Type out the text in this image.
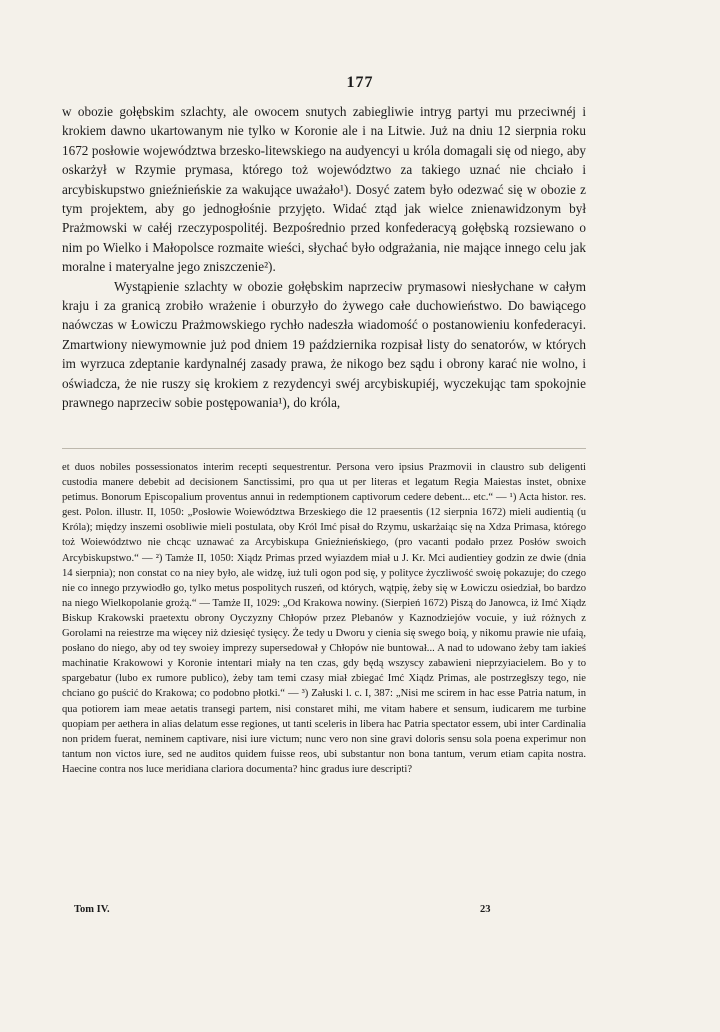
177

w obozie gołębskim szlachty, ale owocem snutych zabiegliwie intryg partyi mu przeciwnéj i krokiem dawno ukartowanym nie tylko w Koronie ale i na Litwie. Już na dniu 12 sierpnia roku 1672 posłowie województwa brzesko-litewskiego na audyencyi u króla domagali się od niego, aby oskarżył w Rzymie prymasa, którego toż województwo za takiego uznać nie chciało i arcybiskupstwo gnieźnieńskie za wakujące uważało¹). Dosyć zatem było odezwać się w obozie z tym projektem, aby go jednogłośnie przyjęto. Widać ztąd jak wielce znienawidzonym był Prażmowski w całéj rzeczypospolitéj. Bezpośrednio przed konfederacyą gołębską rozsiewano o nim po Wielko i Małopolsce rozmaite wieści, słychać było odgrażania, nie mające innego celu jak moralne i materyalne jego zniszczenie²).

Wystąpienie szlachty w obozie gołębskim naprzeciw prymasowi niesłychane w całym kraju i za granicą zrobiło wrażenie i oburzyło do żywego całe duchowieństwo. Do bawiącego naówczas w Łowiczu Prażmowskiego rychło nadeszła wiadomość o postanowieniu konfederacyi. Zmartwiony niewymownie już pod dniem 19 października rozpisał listy do senatorów, w których im wyrzuca zdeptanie kardynalnéj zasady prawa, że nikogo bez sądu i obrony karać nie wolno, i oświadcza, że nie ruszy się krokiem z rezydencyi swéj arcybiskupiéj, wyczekując tam spokojnie prawnego naprzeciw sobie postępowania¹), do króla,

et duos nobiles possessionatos interim recepti sequestrentur. Persona vero ipsius Prazmovii in claustro sub deligenti custodia manere debebit ad decisionem Sanctissimi, pro qua ut per literas et legatum Regia Maiestas instet, obnixe petimus. Bonorum Episcopalium proventus annui in redemptionem captivorum cedere debent... etc.“ — ¹) Acta histor. res. gest. Polon. illustr. II, 1050: „Posłowie Woiewództwa Brzeskiego die 12 praesentis (12 sierpnia 1672) mieli audientią (u Króla); między inszemi osobliwie mieli postulata, oby Król Imć pisał do Rzymu, uskarżaiąc się na Xdza Primasa, którego toż Woiewództwo nie chcąc uznawać za Arcybiskupa Gnieźnieńskiego, (pro vacanti podało przez Posłów swoich Arcybiskupstwo.“ — ²) Tamże II, 1050: Xiądz Primas przed wyiazdem miał u J. Kr. Mci audientiey godzin ze dwie (dnia 14 sierpnia); non constat co na niey było, ale widzę, iuż tuli ogon pod się, y polityce życzliwość swoię pokazuje; do czego nie co innego przywiodło go, tylko metus pospolitych ruszeń, od których, wątpię, żeby się w Łowiczu osiedział, bo bardzo na niego Wielkopolanie grożą.“ — Tamże II, 1029: „Od Krakowa nowiny. (Sierpień 1672) Piszą do Janowca, iż Imć Xiądz Biskup Krakowski praetextu obrony Oyczyzny Chłopów przez Plebanów y Kaznodziejów vocuie, y iuż różnych z Gorolami na reiestrze ma więcey niż dziesięć tysięcy. Że tedy u Dworu y cienia się swego boią, y nikomu prawie nie ufaią, posłano do niego, aby od tey swoiey imprezy supersedował y Chłopów nie buntował... A nad to udowano żeby tam iakieś machinatie Krakowowi y Koronie intentari miały na ten czas, gdy będą wszyscy zabawieni nieprzyiacielem. Bo y to spargebatur (lubo ex rumore publico), żeby tam temi czasy miał zbiegać Imć Xiądz Primas, ale postrzegłszy tego, nie chciano go puścić do Krakowa; co podobno płotki.“ — ³) Załuski l. c. I, 387: „Nisi me scirem in hac esse Patria natum, in qua potiorem iam meae aetatis transegi partem, nisi constaret mihi, me vitam habere et sensum, iudicarem me turbine quopiam per aethera in alias delatum esse regiones, ut tanti sceleris in libera hac Patria spectator essem, ubi inter Cardinalia non pridem fuerat, neminem captivare, nisi iure victum; nunc vero non sine gravi doloris sensu sola poena experimur non tantum non victos iure, sed ne auditos quidem fuisse reos, ubi substantur non bona tantum, verum etiam capita nostra. Haecine contra nos luce meridiana clariora documenta? hinc gradus iure descripti?

Tom IV.	23
